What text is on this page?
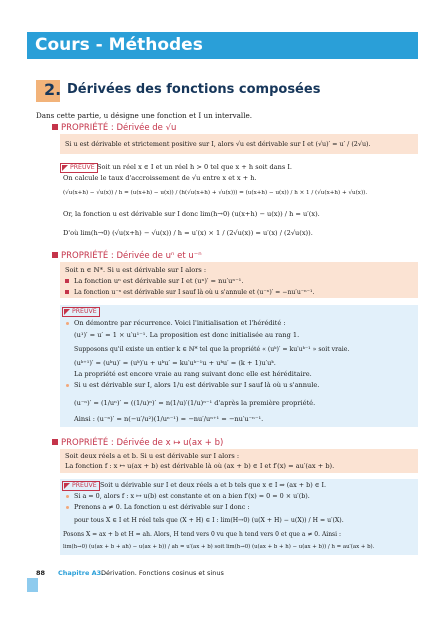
Cours - Méthodes
2. Dérivées des fonctions composées
Dans cette partie, u désigne une fonction et I un intervalle.
PROPRIÉTÉ : Dérivée de √u
Si u est dérivable et strictement positive sur I, alors √u est dérivable sur I et (√u)′ = u′ / (2√u).
PREUVE Soit un réel x ∈ I et un réel h > 0 tel que x + h soit dans I.
On calcule le taux d'accroissement de √u entre x et x + h.
(√u(x+h) − √u(x)) / h = (u(x+h) − u(x)) / (h(√u(x+h) + √u(x))) = (u(x+h) − u(x)) / h × 1 / (√u(x+h) + √u(x)).
Or, la fonction u est dérivable sur I donc lim(h→0) (u(x+h) − u(x)) / h = u′(x).
D'où lim(h→0) (√u(x+h) − √u(x)) / h = u′(x) × 1 / (2√u(x)) = u′(x) / (2√u(x)).
PROPRIÉTÉ : Dérivée de uⁿ et u⁻ⁿ
Soit n ∈ ℕ*. Si u est dérivable sur I alors :
La fonction uⁿ est dérivable sur I et (uⁿ)′ = nu′uⁿ⁻¹.
La fonction u⁻ⁿ est dérivable sur I sauf là où u s'annule et (u⁻ⁿ)′ = −nu′u⁻ⁿ⁻¹.
PREUVE
On démontre par récurrence. Voici l'initialisation et l'hérédité :
(u¹)′ = u′ = 1 × u′u¹⁻¹. La proposition est donc initialisée au rang 1.
Supposons qu'il existe un entier k ∈ ℕ* tel que la propriété « (uᵏ)′ = ku′uᵏ⁻¹ » soit vraie.
(uᵏ⁺¹)′ = (uᵏu)′ = (uᵏ)′u + uᵏu′ = ku′uᵏ⁻¹u + uᵏu′ = (k + 1)u′uᵏ.
La propriété est encore vraie au rang suivant donc elle est héréditaire.
Si u est dérivable sur I, alors 1/u est dérivable sur I sauf là où u s'annule.
(u⁻ⁿ)′ = (1/uⁿ)′ = ((1/u)ⁿ)′ = n(1/u)′(1/u)ⁿ⁻¹ d'après la première propriété.
Ainsi : (u⁻ⁿ)′ = n(−u′/u²)(1/uⁿ⁻¹) = −nu′/uⁿ⁺¹ = −nu′u⁻ⁿ⁻¹.
PROPRIÉTÉ : Dérivée de x ↦ u(ax + b)
Soit deux réels a et b. Si u est dérivable sur I alors :
La fonction f : x ↦ u(ax + b) est dérivable là où (ax + b) ∈ I et f′(x) = au′(ax + b).
PREUVE Soit u dérivable sur I et deux réels a et b tels que x ∈ I ⇒ (ax + b) ∈ I.
Si a = 0, alors f : x ↦ u(b) est constante et on a bien f′(x) = 0 = 0 × u′(b).
Prenons a ≠ 0. La fonction u est dérivable sur I donc :
pour tous X ∈ I et H réel tels que (X + H) ∈ I : lim(H→0) (u(X + H) − u(X)) / H = u′(X).
Posons X = ax + b et H = ah. Alors, H tend vers 0 vu que h tend vers 0 et que a ≠ 0. Ainsi :
lim(h→0) (u(ax + b + ah) − u(ax + b)) / ah = u′(ax + b) soit lim(h→0) (u(ax + b + h) − u(ax + b)) / h = au′(ax + b).
88 Chapitre A3.
Dérivation. Fonctions cosinus et sinus
